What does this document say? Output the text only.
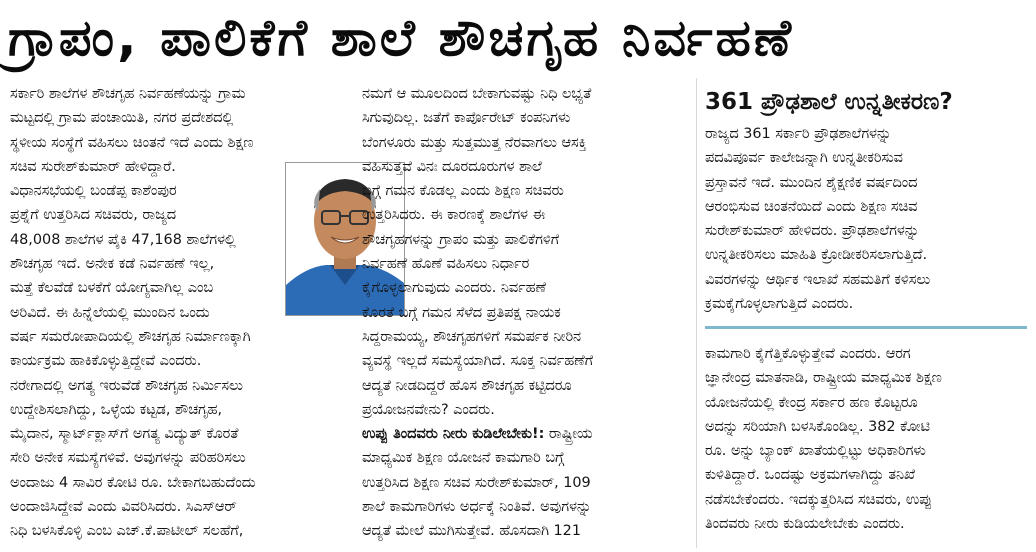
ಗ್ರಾಪಂ, ಪಾಲಿಕೆಗೆ ಶಾಲೆ ಶೌಚಗೃಹ ನಿರ್ವಹಣೆ

ಸರ್ಕಾರಿ ಶಾಲೆಗಳ ಶೌಚಗೃಹ ನಿರ್ವಹಣೆಯನ್ನು ಗ್ರಾಮ

ಮಟ್ಟದಲ್ಲಿ ಗ್ರಾಮ ಪಂಚಾಯಿತಿ, ನಗರ ಪ್ರದೇಶದಲ್ಲಿ

ಸ್ಥಳೀಯ ಸಂಸ್ಥೆಗೆ ವಹಿಸಲು ಚಿಂತನೆ ಇದೆ ಎಂದು ಶಿಕ್ಷಣ

ಸಚಿವ ಸುರೇಶ್‌ಕುಮಾರ್ ಹೇಳಿದ್ದಾರೆ.

ವಿಧಾನಸಭೆಯಲ್ಲಿ ಬಂಡೆಪ್ಪ ಕಾಶೆಂಪುರ

ಪ್ರಶ್ನೆಗೆ ಉತ್ತರಿಸಿದ ಸಚಿವರು, ರಾಜ್ಯದ

48,008 ಶಾಲೆಗಳ ಪೈಕಿ 47,168 ಶಾಲೆಗಳಲ್ಲಿ

ಶೌಚಗೃಹ ಇದೆ. ಅನೇಕ ಕಡೆ ನಿರ್ವಹಣೆ ಇಲ್ಲ,

ಮತ್ತೆ ಕೆಲವೆಡೆ ಬಳಕೆಗೆ ಯೋಗ್ಯವಾಗಿಲ್ಲ ಎಂಬ

ಅರಿವಿದೆ. ಈ ಹಿನ್ನೆಲೆಯಲ್ಲಿ ಮುಂದಿನ ಒಂದು

ವರ್ಷ ಸಮರೋಪಾದಿಯಲ್ಲಿ ಶೌಚಗೃಹ ನಿರ್ಮಾಣಕ್ಕಾಗಿ

ಕಾರ್ಯಕ್ರಮ ಹಾಕಿಕೊಳ್ಳುತ್ತಿದ್ದೇವೆ ಎಂದರು.

ನರೇಗಾದಲ್ಲಿ ಅಗತ್ಯ ಇರುವೆಡೆ ಶೌಚಗೃಹ ನಿರ್ಮಿಸಲು

ಉದ್ದೇಶಿಸಲಾಗಿದ್ದು, ಒಳ್ಳೆಯ ಕಟ್ಟಡ, ಶೌಚಗೃಹ,

ಮೈದಾನ, ಸ್ಮಾರ್ಟ್‌ಕ್ಲಾಸ್‌ಗೆ ಅಗತ್ಯ ವಿದ್ಯುತ್ ಕೊರತೆ

ಸೇರಿ ಅನೇಕ ಸಮಸ್ಯೆಗಳಿವೆ. ಅವುಗಳನ್ನು ಪರಿಹರಿಸಲು

ಅಂದಾಜು 4 ಸಾವಿರ ಕೋಟಿ ರೂ. ಬೇಕಾಗಬಹುದೆಂದು

ಅಂದಾಜಿಸಿದ್ದೇವೆ ಎಂದು ವಿವರಿಸಿದರು. ಸಿಎಸ್‌ಆರ್

ನಿಧಿ ಬಳಸಿಕೊಳ್ಳಿ ಎಂಬ ಎಚ್.ಕೆ.ಪಾಟೀಲ್ ಸಲಹೆಗೆ,

ನಮಗೆ ಆ ಮೂಲದಿಂದ ಬೇಕಾಗುವಷ್ಟು ನಿಧಿ ಲಭ್ಯತೆ

ಸಿಗುವುದಿಲ್ಲ. ಜತೆಗೆ ಕಾರ್ಪೊರೇಟ್ ಕಂಪನಿಗಳು

ಬೆಂಗಳೂರು ಮತ್ತು ಸುತ್ತಮುತ್ತ ನೆರವಾಗಲು ಆಸಕ್ತಿ

ವಹಿಸುತ್ತವೆ ವಿನಃ ದೂರದೂರುಗಳ ಶಾಲೆ

ಬಗ್ಗೆ ಗಮನ ಕೊಡಲ್ಲ ಎಂದು ಶಿಕ್ಷಣ ಸಚಿವರು

ಉತ್ತರಿಸಿದರು. ಈ ಕಾರಣಕ್ಕೆ ಶಾಲೆಗಳ ಈ

ಶೌಚಗೃಹಗಳನ್ನು ಗ್ರಾಪಂ ಮತ್ತು ಪಾಲಿಕೆಗಳಿಗೆ

ನಿರ್ವಹಣೆ ಹೊಣೆ ವಹಿಸಲು ನಿರ್ಧಾರ

ಕೈಗೊಳ್ಳಲಾಗುವುದು ಎಂದರು. ನಿರ್ವಹಣೆ

ಕೊರತೆ ಬಗ್ಗೆ ಗಮನ ಸೆಳೆದ ಪ್ರತಿಪಕ್ಷ ನಾಯಕ

ಸಿದ್ದರಾಮಯ್ಯ, ಶೌಚಗೃಹಗಳಿಗೆ ಸಮರ್ಪಕ ನೀರಿನ

ವ್ಯವಸ್ಥೆ ಇಲ್ಲದೆ ಸಮಸ್ಯೆಯಾಗಿದೆ. ಸೂಕ್ತ ನಿರ್ವಹಣೆಗೆ

ಆದ್ಯತೆ ನೀಡದಿದ್ದರೆ ಹೊಸ ಶೌಚಗೃಹ ಕಟ್ಟಿದರೂ

ಪ್ರಯೋಜನವೇನು? ಎಂದರು.

ಉಪ್ಪು ತಿಂದವರು ನೀರು ಕುಡಿಲೇಬೇಕು!: ರಾಷ್ಟ್ರೀಯ

ಮಾಧ್ಯಮಿಕ ಶಿಕ್ಷಣ ಯೋಜನೆ ಕಾಮಗಾರಿ ಬಗ್ಗೆ

ಉತ್ತರಿಸಿದ ಶಿಕ್ಷಣ ಸಚಿವ ಸುರೇಶ್‌ಕುಮಾರ್, 109

ಶಾಲೆ ಕಾಮಗಾರಿಗಳು ಅರ್ಧಕ್ಕೆ ನಿಂತಿವೆ. ಅವುಗಳನ್ನು

ಆದ್ಯತೆ ಮೇಲೆ ಮುಗಿಸುತ್ತೇವೆ. ಹೊಸದಾಗಿ 121

361 ಪ್ರೌಢಶಾಲೆ ಉನ್ನತೀಕರಣ?

ರಾಜ್ಯದ 361 ಸರ್ಕಾರಿ ಪ್ರೌಢಶಾಲೆಗಳನ್ನು

ಪದವಿಪೂರ್ವ ಕಾಲೇಜನ್ನಾಗಿ ಉನ್ನತೀಕರಿಸುವ

ಪ್ರಸ್ತಾವನೆ ಇದೆ. ಮುಂದಿನ ಶೈಕ್ಷಣಿಕ ವರ್ಷದಿಂದ

ಆರಂಭಿಸುವ ಚಿಂತನೆಯಿದೆ ಎಂದು ಶಿಕ್ಷಣ ಸಚಿವ

ಸುರೇಶ್‌ಕುಮಾರ್ ಹೇಳಿದರು. ಪ್ರೌಢಶಾಲೆಗಳನ್ನು

ಉನ್ನತೀಕರಿಸಲು ಮಾಹಿತಿ ಕ್ರೋಡೀಕರಿಸಲಾಗುತ್ತಿದೆ.

ವಿವರಗಳನ್ನು ಆರ್ಥಿಕ ಇಲಾಖೆ ಸಹಮತಿಗೆ ಕಳಿಸಲು

ಕ್ರಮಕೈಗೊಳ್ಳಲಾಗುತ್ತಿದೆ ಎಂದರು.

ಕಾಮಗಾರಿ ಕೈಗೆತ್ತಿಕೊಳ್ಳುತ್ತೇವೆ ಎಂದರು. ಆರಗ

ಜ್ಞಾನೇಂದ್ರ ಮಾತನಾಡಿ, ರಾಷ್ಟ್ರೀಯ ಮಾಧ್ಯಮಿಕ ಶಿಕ್ಷಣ

ಯೋಜನೆಯಲ್ಲಿ ಕೇಂದ್ರ ಸರ್ಕಾರ ಹಣ ಕೊಟ್ಟರೂ

ಅದನ್ನು ಸರಿಯಾಗಿ ಬಳಸಿಕೊಂಡಿಲ್ಲ. 382 ಕೋಟಿ

ರೂ. ಅನ್ನು ಬ್ಯಾಂಕ್ ಖಾತೆಯಲ್ಲಿಟ್ಟು ಅಧಿಕಾರಿಗಳು

ಕುಳಿತಿದ್ದಾರೆ. ಒಂದಷ್ಟು ಅಕ್ರಮಗಳಾಗಿದ್ದು ತನಿಖೆ

ನಡೆಸಬೇಕೆಂದರು. ಇದಕ್ಕುತ್ತರಿಸಿದ ಸಚಿವರು, ಉಪ್ಪು

ತಿಂದವರು ನೀರು ಕುಡಿಯಲೇಬೇಕು ಎಂದರು.
